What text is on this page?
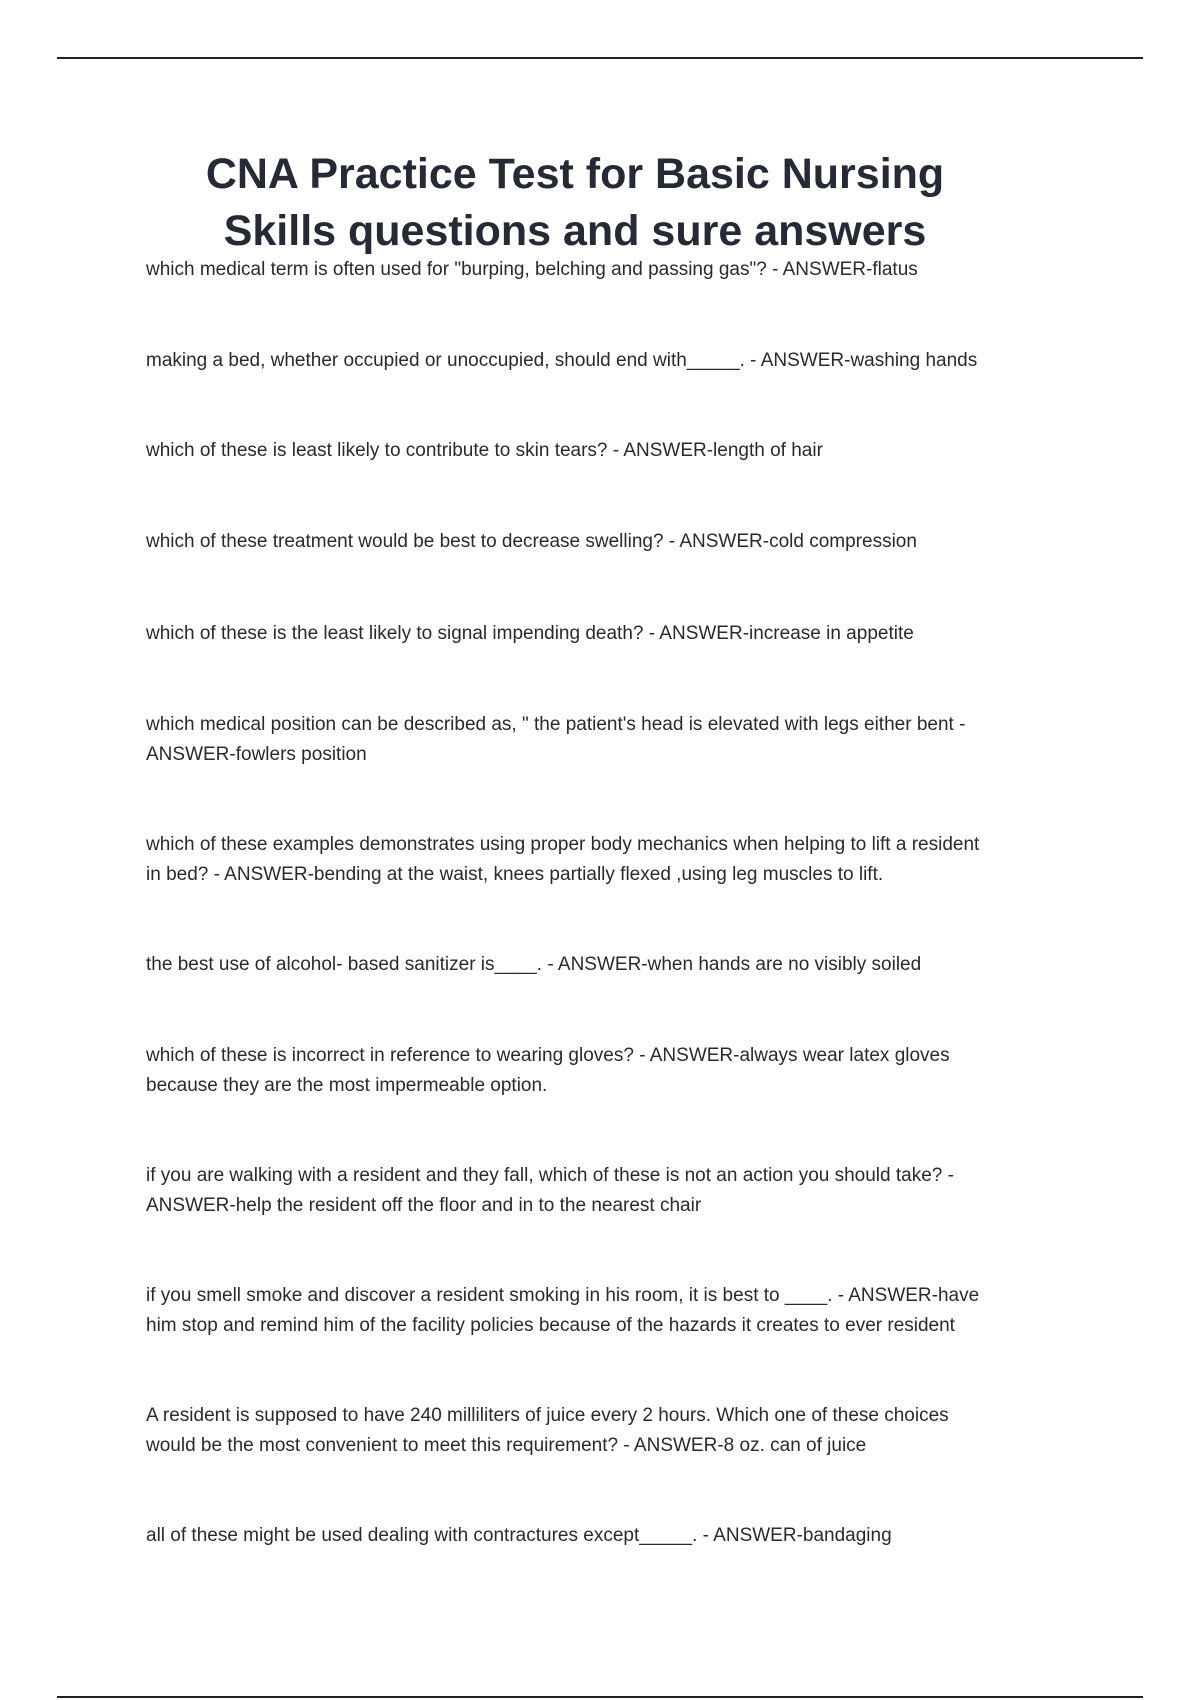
CNA Practice Test for Basic Nursing
Skills questions and sure answers
which medical term is often used for "burping, belching and passing gas"? - ANSWER-flatus
making a bed, whether occupied or unoccupied, should end with_____. - ANSWER-washing hands
which of these is least likely to contribute to skin tears? - ANSWER-length of hair
which of these treatment would be best to decrease swelling? - ANSWER-cold compression
which of these is the least likely to signal impending death? - ANSWER-increase in appetite
which medical position can be described as, " the patient's head is elevated with legs either bent -
ANSWER-fowlers position
which of these examples demonstrates using proper body mechanics when helping to lift a resident
in bed? - ANSWER-bending at the waist, knees partially flexed ,using leg muscles to lift.
the best use of alcohol- based sanitizer is____. - ANSWER-when hands are no visibly soiled
which of these is incorrect in reference to wearing gloves? - ANSWER-always wear latex gloves
because they are the most impermeable option.
if you are walking with a resident and they fall, which of these is not an action you should take? -
ANSWER-help the resident off the floor and in to the nearest chair
if you smell smoke and discover a resident smoking in his room, it is best to ____. - ANSWER-have
him stop and remind him of the facility policies because of the hazards it creates to ever resident
A resident is supposed to have 240 milliliters of juice every 2 hours. Which one of these choices
would be the most convenient to meet this requirement? - ANSWER-8 oz. can of juice
all of these might be used dealing with contractures except_____. - ANSWER-bandaging
